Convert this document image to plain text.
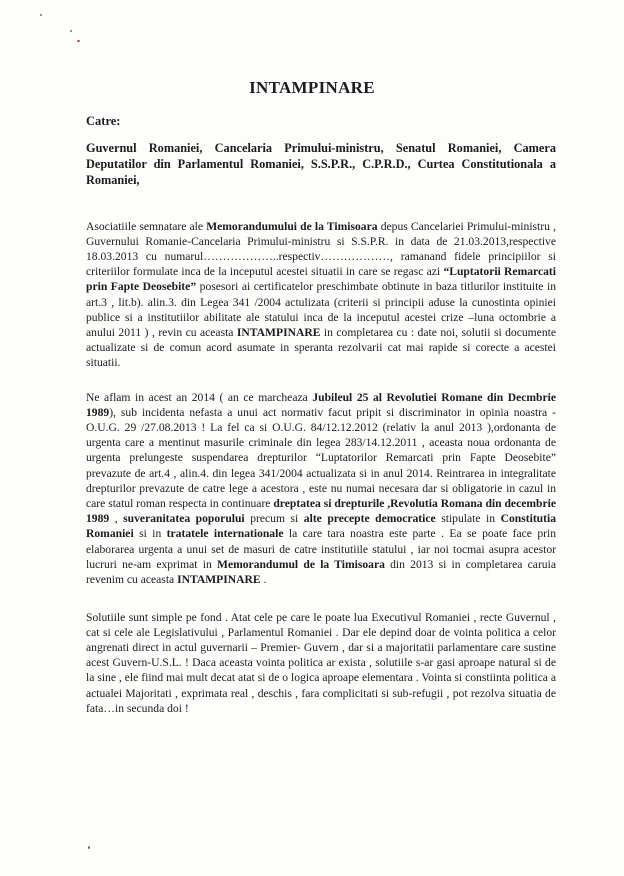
INTAMPINARE
Catre:
Guvernul Romaniei, Cancelaria Primului-ministru, Senatul Romaniei, Camera Deputatilor din Parlamentul Romaniei, S.S.P.R., C.P.R.D., Curtea Constitutionala a Romaniei,

Asociatiile semnatare ale Memorandumului de la Timisoara depus Cancelariei Primului-ministru , Guvernului Romanie-Cancelaria Primului-ministru si S.S.P.R. in data de 21.03.2013,respective 18.03.2013 cu numarul………………..respectiv………………, ramanand fidele principiilor si criteriilor formulate inca de la inceputul acestei situatii in care se regasc azi “Luptatorii Remarcati prin Fapte Deosebite” posesori ai certificatelor preschimbate obtinute in baza titlurilor instituite in art.3 , lit.b). alin.3. din Legea 341 /2004 actulizata (criterii si principii aduse la cunostinta opiniei publice si a institutiilor abilitate ale statului inca de la inceputul acestei crize –luna octombrie a anului 2011 ) , revin cu aceasta INTAMPINARE in completarea cu : date noi, solutii si documente actualizate si de comun acord asumate in speranta rezolvarii cat mai rapide si corecte a acestei situatii.

Ne aflam in acest an 2014 ( an ce marcheaza Jubileul 25 al Revolutiei Romane din Decmbrie 1989), sub incidenta nefasta a unui act normativ facut pripit si discriminator in opinia noastra - O.U.G. 29 /27.08.2013 ! La fel ca si O.U.G. 84/12.12.2012 (relativ la anul 2013 ),ordonanta de urgenta care a mentinut masurile criminale din legea 283/14.12.2011 , aceasta noua ordonanta de urgenta prelungeste suspendarea drepturilor “Luptatorilor Remarcati prin Fapte Deosebite” prevazute de art.4 , alin.4. din legea 341/2004 actualizata si in anul 2014. Reintrarea in integralitate drepturilor prevazute de catre lege a acestora , este nu numai necesara dar si obligatorie in cazul in care statul roman respecta in continuare dreptatea si drepturile ,Revolutia Romana din decembrie 1989 , suveranitatea poporului precum si alte precepte democratice stipulate in Constitutia Romaniei si in tratatele internationale la care tara noastra este parte . Ea se poate face prin elaborarea urgenta a unui set de masuri de catre institutiile statului , iar noi tocmai asupra acestor lucruri ne-am exprimat in Memorandumul de la Timisoara din 2013 si in completarea caruia revenim cu aceasta INTAMPINARE .

Solutiile sunt simple pe fond . Atat cele pe care le poate lua Executivul Romaniei , recte Guvernul , cat si cele ale Legislativului , Parlamentul Romaniei . Dar ele depind doar de vointa politica a celor angrenati direct in actul guvernarii – Premier- Guvern , dar si a majoritatii parlamentare care sustine acest Guvern-U.S.L. ! Daca aceasta vointa politica ar exista , solutiile s-ar gasi aproape natural si de la sine , ele fiind mai mult decat atat si de o logica aproape elementara . Vointa si constiinta politica a actualei Majoritati , exprimata real , deschis , fara complicitati si sub-refugii , pot rezolva situatia de fata…in secunda doi !
